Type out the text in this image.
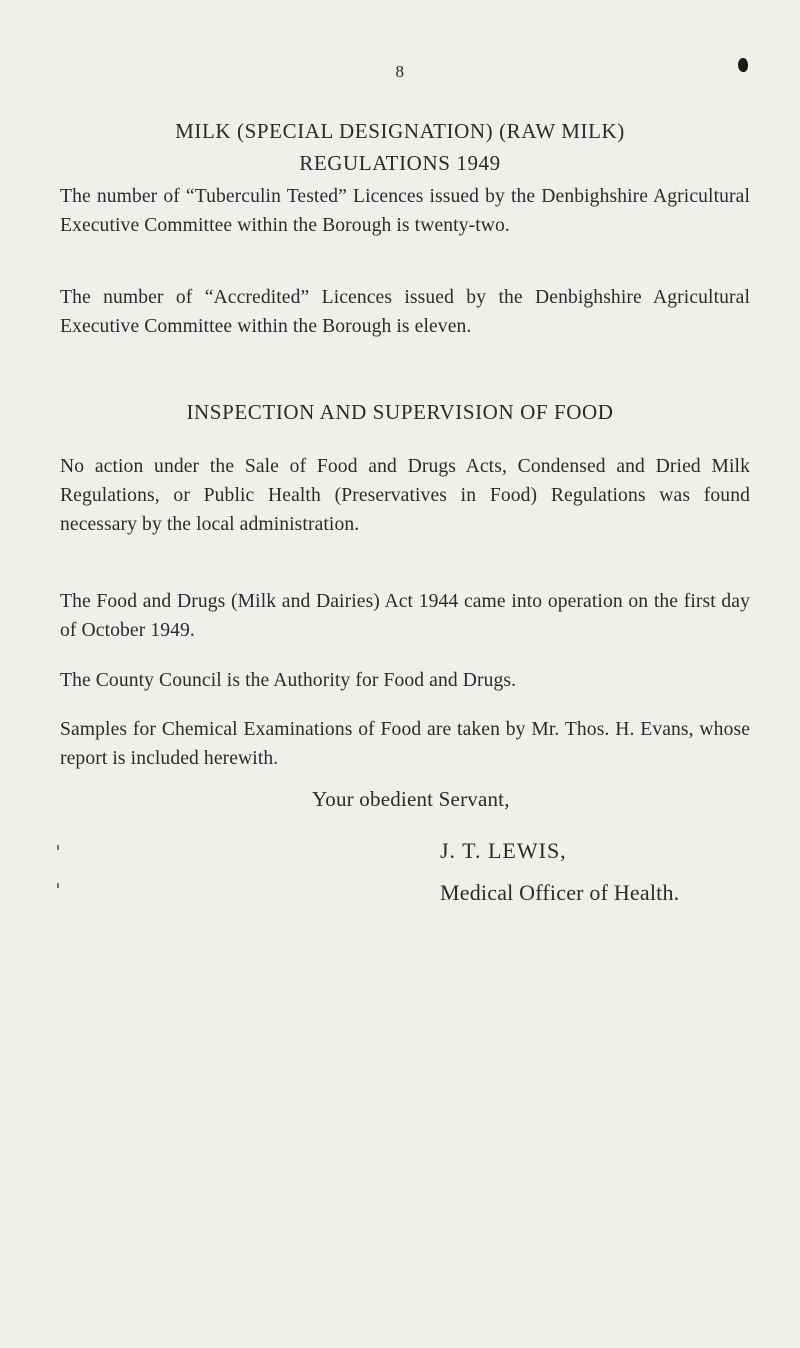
8
MILK (SPECIAL DESIGNATION) (RAW MILK)
REGULATIONS 1949

The number of “Tuberculin Tested” Licences issued by the Denbighshire Agricultural Executive Committee within the Borough is twenty-two.

The number of “Accredited” Licences issued by the Denbighshire Agricultural Executive Committee within the Borough is eleven.

INSPECTION AND SUPERVISION OF FOOD

No action under the Sale of Food and Drugs Acts, Condensed and Dried Milk Regulations, or Public Health (Preservatives in Food) Regulations was found necessary by the local administration.

The Food and Drugs (Milk and Dairies) Act 1944 came into operation on the first day of October 1949.

The County Council is the Authority for Food and Drugs.

Samples for Chemical Examinations of Food are taken by Mr. Thos. H. Evans, whose report is included herewith.

Your obedient Servant,

J. T. LEWIS,

Medical Officer of Health.
